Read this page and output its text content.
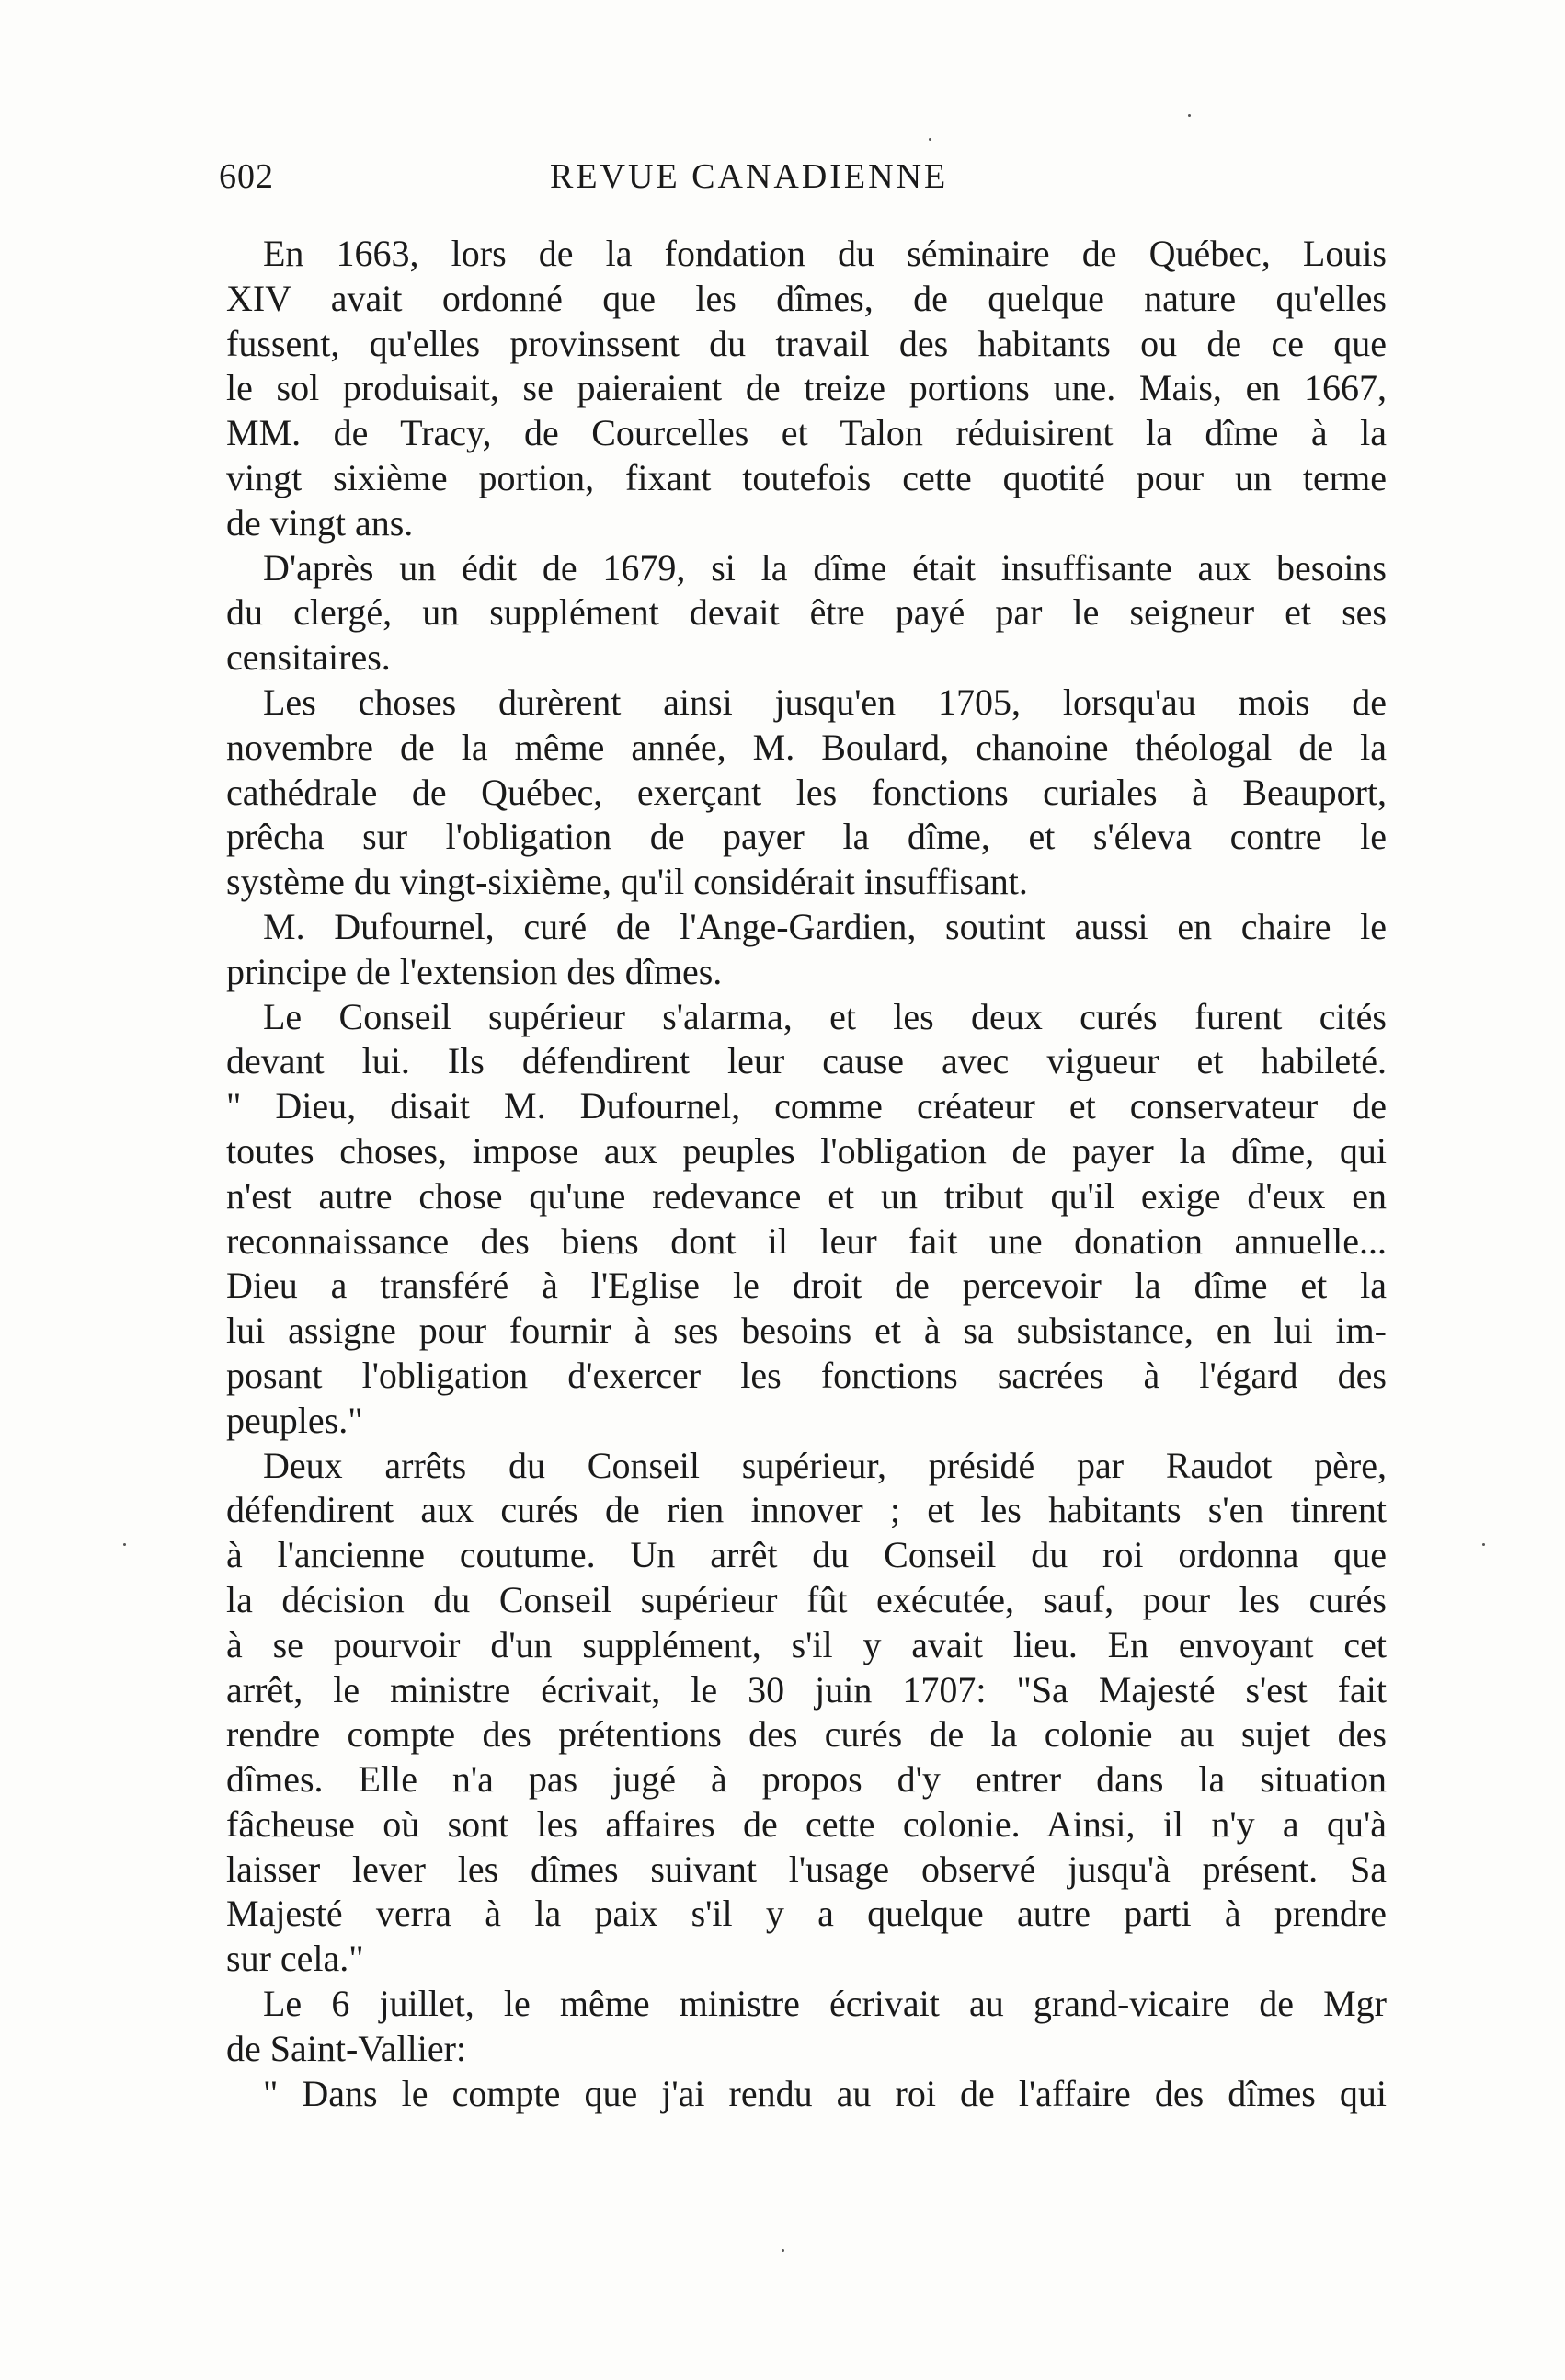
602	REVUE CANADIENNE
En 1663, lors de la fondation du séminaire de Québec, Louis
XIV avait ordonné que les dîmes, de quelque nature qu'elles
fussent, qu'elles provinssent du travail des habitants ou de ce que
le sol produisait, se paieraient de treize portions une. Mais, en 1667,
MM. de Tracy, de Courcelles et Talon réduisirent la dîme à la
vingt sixième portion, fixant toutefois cette quotité pour un terme
de vingt ans.
D'après un édit de 1679, si la dîme était insuffisante aux besoins
du clergé, un supplément devait être payé par le seigneur et ses
censitaires.
Les choses durèrent ainsi jusqu'en 1705, lorsqu'au mois de
novembre de la même année, M. Boulard, chanoine théologal de la
cathédrale de Québec, exerçant les fonctions curiales à Beauport,
prêcha sur l'obligation de payer la dîme, et s'éleva contre le
système du vingt-sixième, qu'il considérait insuffisant.
M. Dufournel, curé de l'Ange-Gardien, soutint aussi en chaire le
principe de l'extension des dîmes.
Le Conseil supérieur s'alarma, et les deux curés furent cités
devant lui. Ils défendirent leur cause avec vigueur et habileté.
" Dieu, disait M. Dufournel, comme créateur et conservateur de
toutes choses, impose aux peuples l'obligation de payer la dîme, qui
n'est autre chose qu'une redevance et un tribut qu'il exige d'eux en
reconnaissance des biens dont il leur fait une donation annuelle...
Dieu a transféré à l'Eglise le droit de percevoir la dîme et la
lui assigne pour fournir à ses besoins et à sa subsistance, en lui im-
posant l'obligation d'exercer les fonctions sacrées à l'égard des
peuples."
Deux arrêts du Conseil supérieur, présidé par Raudot père,
défendirent aux curés de rien innover ; et les habitants s'en tinrent
à l'ancienne coutume. Un arrêt du Conseil du roi ordonna que
la décision du Conseil supérieur fût exécutée, sauf, pour les curés
à se pourvoir d'un supplément, s'il y avait lieu. En envoyant cet
arrêt, le ministre écrivait, le 30 juin 1707: "Sa Majesté s'est fait
rendre compte des prétentions des curés de la colonie au sujet des
dîmes. Elle n'a pas jugé à propos d'y entrer dans la situation
fâcheuse où sont les affaires de cette colonie. Ainsi, il n'y a qu'à
laisser lever les dîmes suivant l'usage observé jusqu'à présent. Sa
Majesté verra à la paix s'il y a quelque autre parti à prendre
sur cela."
Le 6 juillet, le même ministre écrivait au grand-vicaire de Mgr
de Saint-Vallier:
" Dans le compte que j'ai rendu au roi de l'affaire des dîmes qui
